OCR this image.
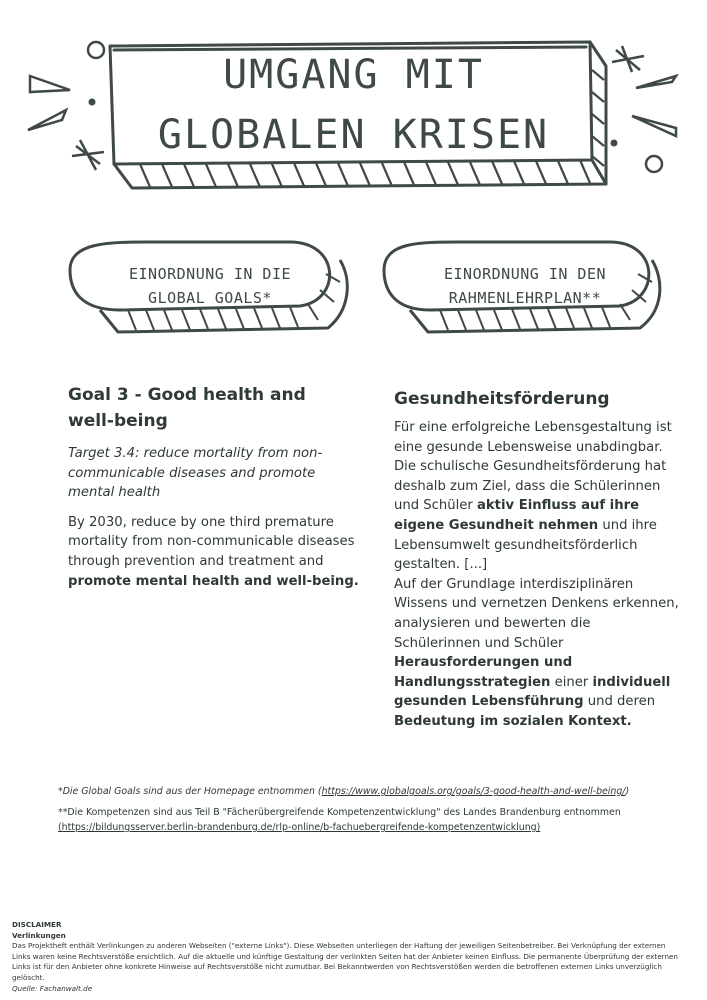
UMGANG MIT
GLOBALEN KRISEN
EINORDNUNG IN DIE
GLOBAL GOALS*
EINORDNUNG IN DEN
RAHMENLEHRPLAN**
Goal 3 - Good health and
well-being
Target 3.4: reduce mortality from non-
communicable diseases and promote
mental health
By 2030, reduce by one third premature
mortality from non-communicable diseases
through prevention and treatment and
promote mental health and well-being.
Gesundheitsförderung
Für eine erfolgreiche Lebensgestaltung ist
eine gesunde Lebensweise unabdingbar.
Die schulische Gesundheitsförderung hat
deshalb zum Ziel, dass die Schülerinnen
und Schüler aktiv Einfluss auf ihre
eigene Gesundheit nehmen und ihre
Lebensumwelt gesundheitsförderlich
gestalten. [...]
Auf der Grundlage interdisziplinären
Wissens und vernetzen Denkens erkennen,
analysieren und bewerten die
Schülerinnen und Schüler
Herausforderungen und
Handlungsstrategien einer individuell
gesunden Lebensführung und deren
Bedeutung im sozialen Kontext.
*Die Global Goals sind aus der Homepage entnommen (https://www.globalgoals.org/goals/3-good-health-and-well-being/)
**Die Kompetenzen sind aus Teil B "Fächerübergreifende Kompetenzentwicklung" des Landes Brandenburg entnommen
(https://bildungsserver.berlin-brandenburg.de/rlp-online/b-fachuebergreifende-kompetenzentwicklung)
DISCLAIMER
Verlinkungen
Das Projektheft enthält Verlinkungen zu anderen Webseiten ("externe Links"). Diese Webseiten unterliegen der Haftung der jeweiligen Seitenbetreiber. Bei Verknüpfung der externen
Links waren keine Rechtsverstöße ersichtlich. Auf die aktuelle und künftige Gestaltung der verlinkten Seiten hat der Anbieter keinen Einfluss. Die permanente Überprüfung der externen
Links ist für den Anbieter ohne konkrete Hinweise auf Rechtsverstöße nicht zumutbar. Bei Bekanntwerden von Rechtsverstößen werden die betroffenen externen Links unverzüglich
gelöscht.
Quelle: Fachanwalt.de
